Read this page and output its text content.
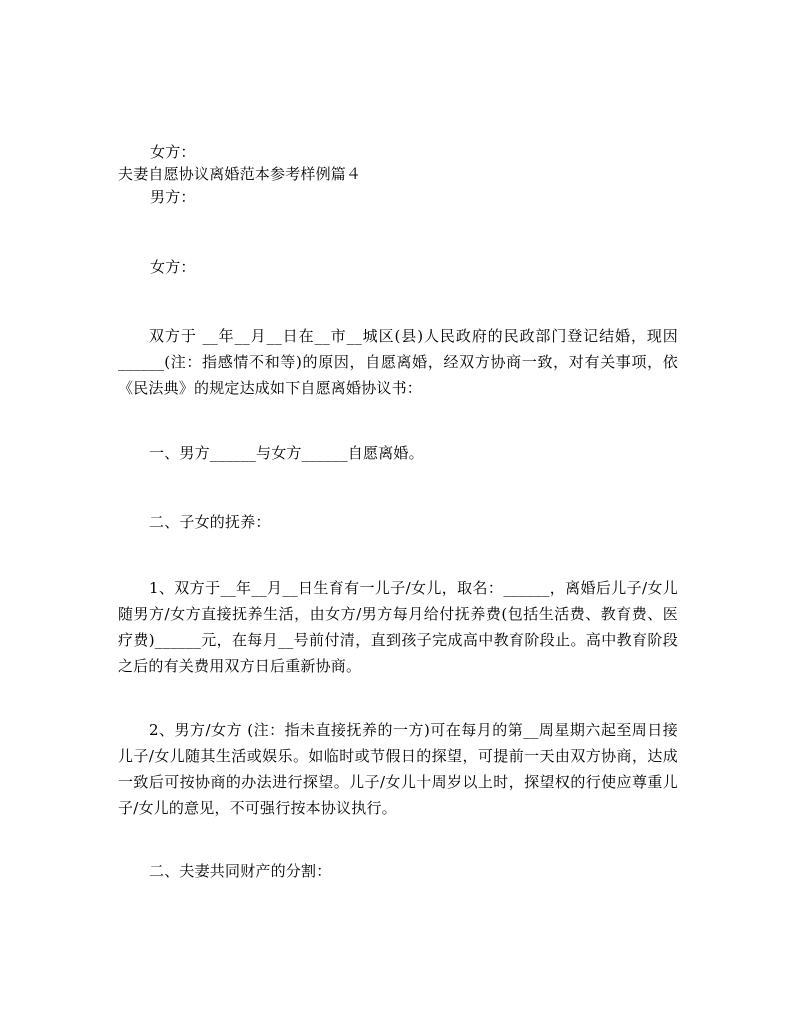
女方：
夫妻自愿协议离婚范本参考样例篇４
男方：
女方：
双方于 __年__月__日在__市__城区(县)人民政府的民政部门登记结婚，现因______(注：指感情不和等)的原因，自愿离婚，经双方协商一致，对有关事项，依《民法典》的规定达成如下自愿离婚协议书：
一、男方______与女方______自愿离婚。
二、子女的抚养：
1、双方于__年__月__日生育有一儿子/女儿，取名：______，离婚后儿子/女儿随男方/女方直接抚养生活，由女方/男方每月给付抚养费(包括生活费、教育费、医疗费)______元，在每月__号前付清，直到孩子完成高中教育阶段止。高中教育阶段之后的有关费用双方日后重新协商。
2、男方/女方 (注：指未直接抚养的一方)可在每月的第__周星期六起至周日接儿子/女儿随其生活或娱乐。如临时或节假日的探望，可提前一天由双方协商，达成一致后可按协商的办法进行探望。儿子/女儿十周岁以上时，探望权的行使应尊重儿子/女儿的意见，不可强行按本协议执行。
二、夫妻共同财产的分割：
